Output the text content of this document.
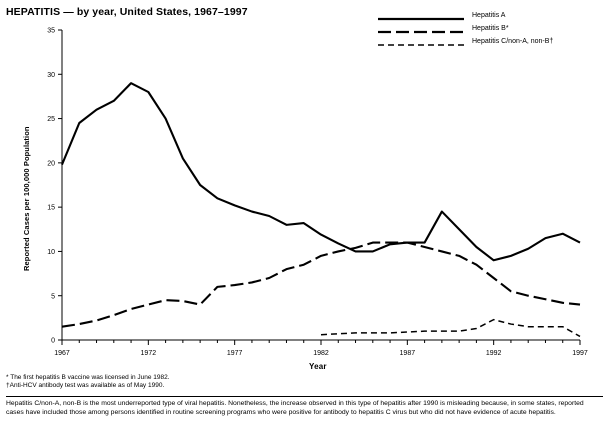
HEPATITIS — by year, United States, 1967–1997
0
5
10
15
20
25
30
35
1967	1972	1977	1982	1987	1992	1997
Reported Cases per 100,000 Population
Year
Hepatitis A
Hepatitis B*
Hepatitis C/non-A, non-B†
* The first hepatitis B vaccine was licensed in June 1982.
†Anti-HCV antibody test was available as of May 1990.
Hepatitis C/non-A, non-B is the most underreported type of viral hepatitis. Nonetheless, the increase observed in this type of hepatitis after 1990 is misleading because, in some states, reported cases have included those among persons identified in routine screening programs who were positive for antibody to hepatitis C virus but who did not have evidence of acute hepatitis.
